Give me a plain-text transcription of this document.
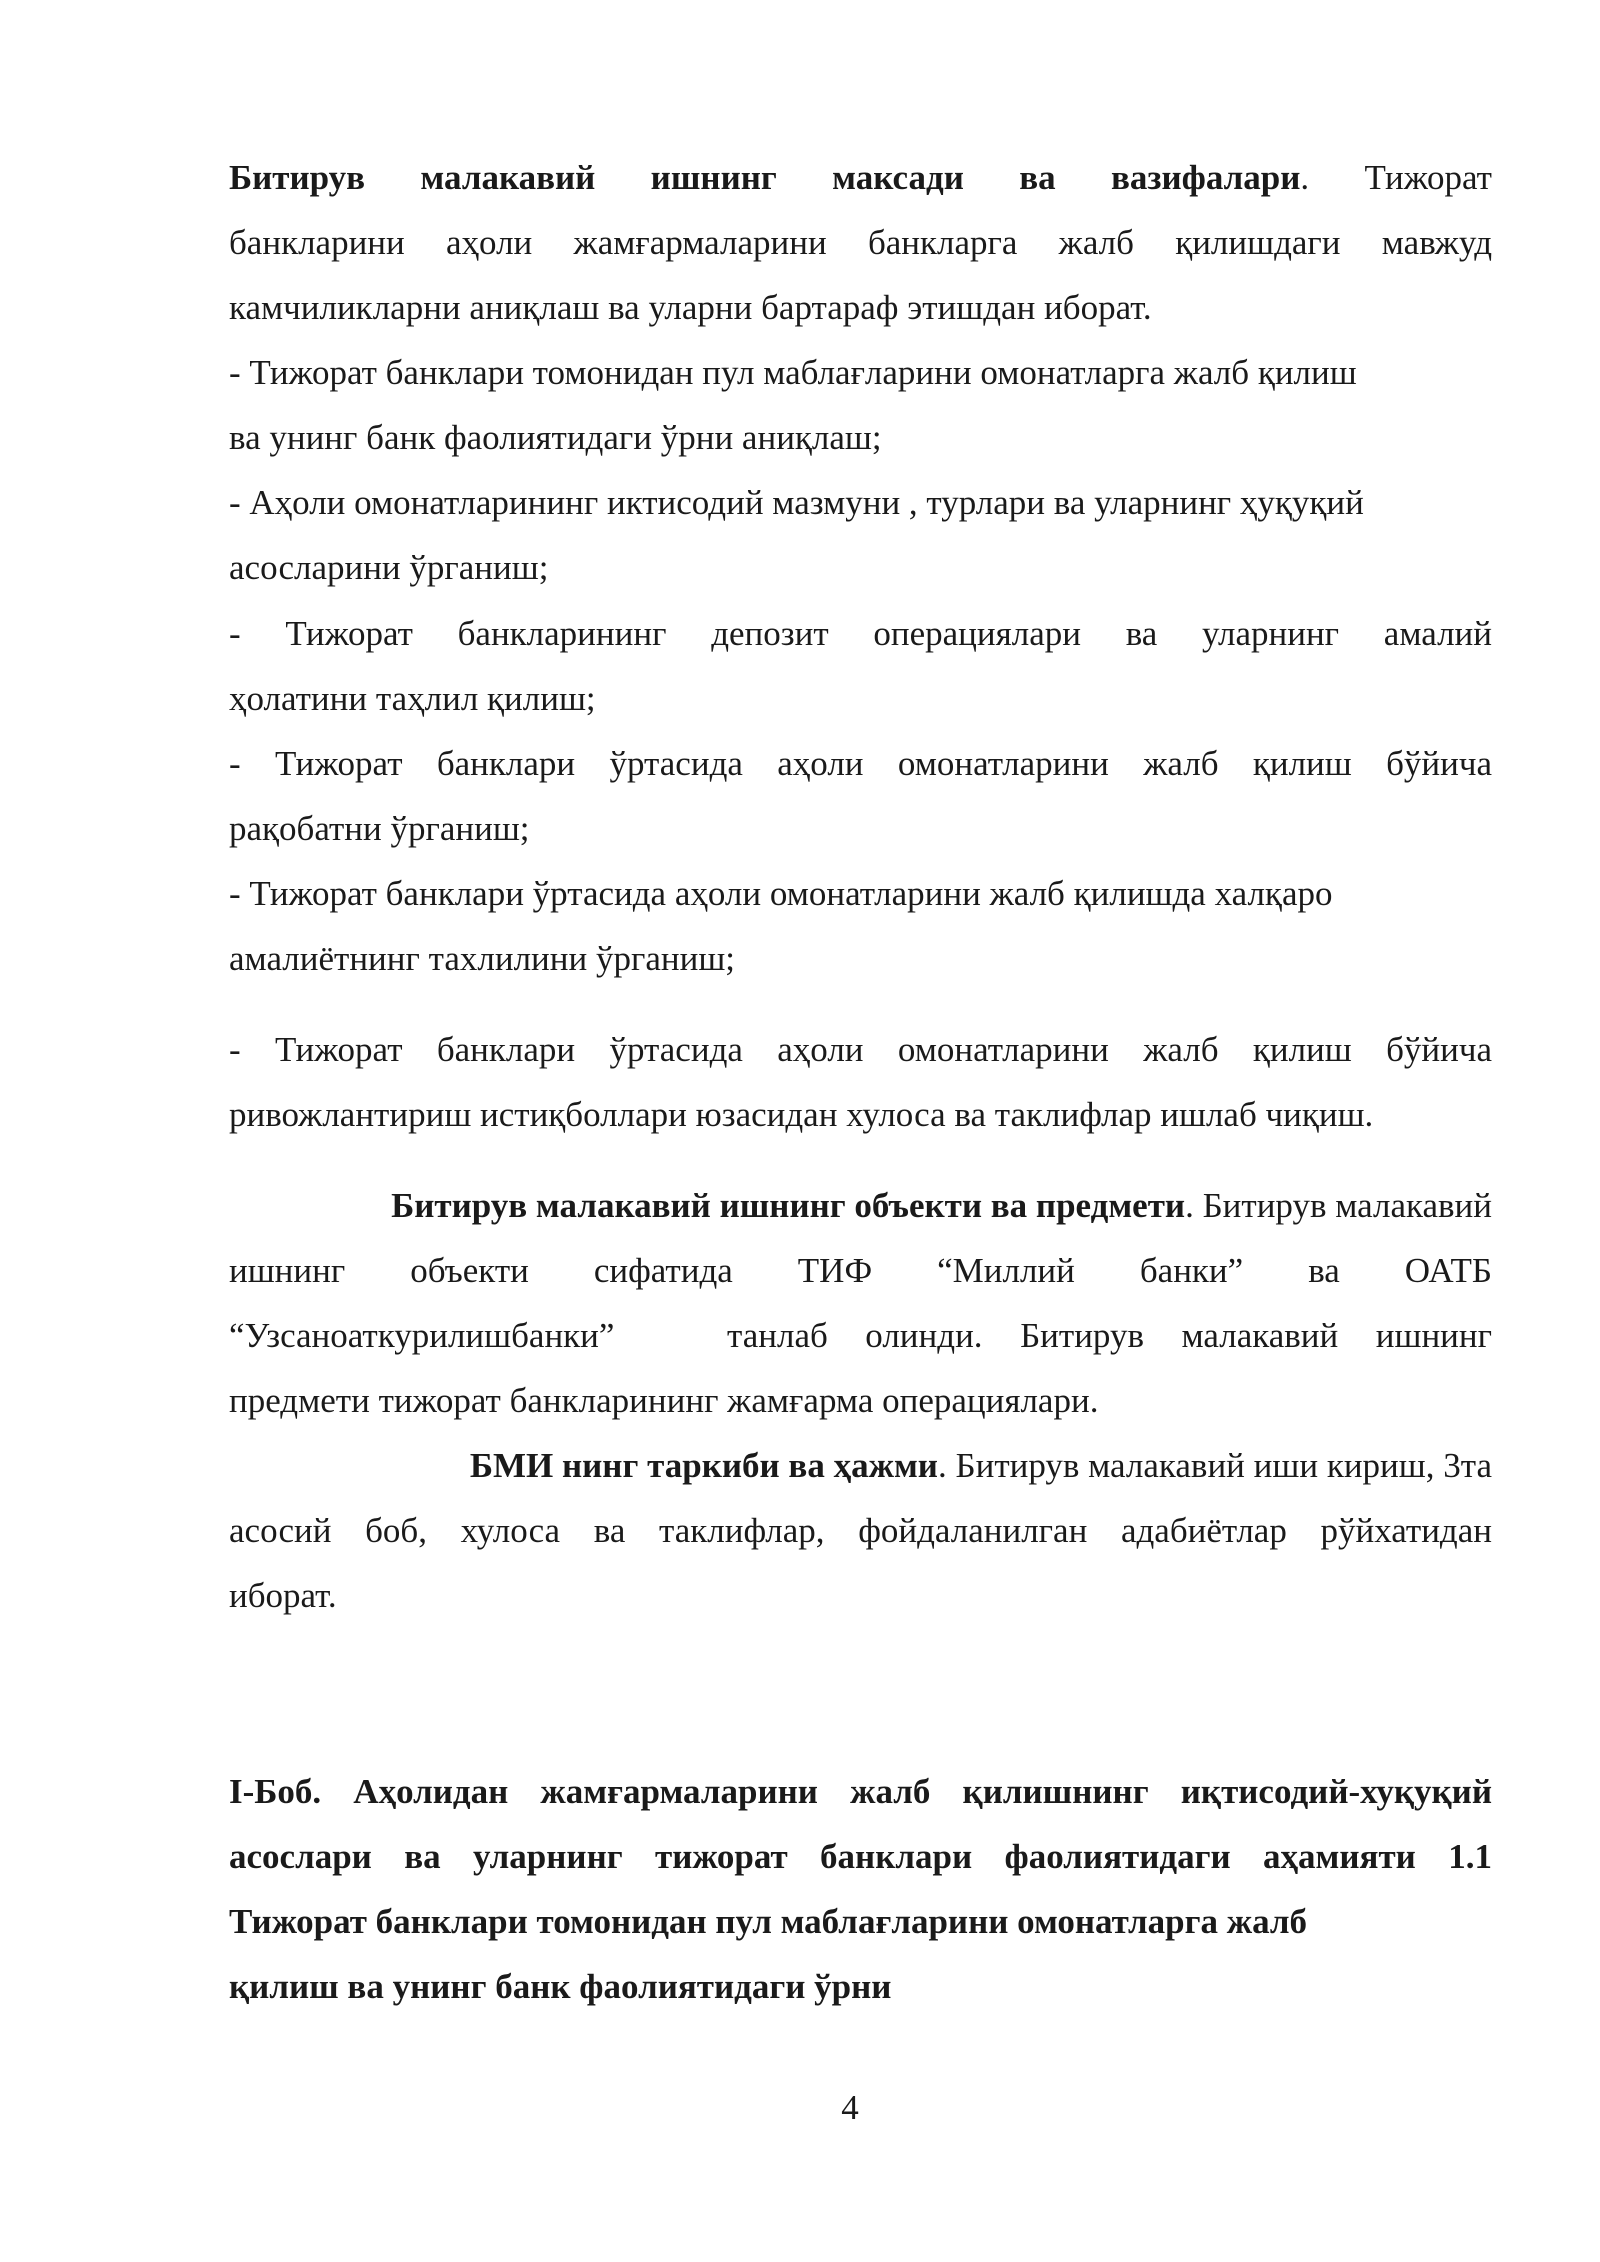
Битирув малакавий ишнинг максади ва вазифалари. Тижорат
банкларини аҳоли жамғармаларини банкларга жалб қилишдаги мавжуд
камчиликларни аниқлаш ва уларни бартараф этишдан иборат.
- Тижорат банклари томонидан пул маблағларини омонатларга жалб қилиш
ва унинг банк фаолиятидаги ўрни аниқлаш;
- Аҳоли омонатларининг иктисодий мазмуни , турлари ва уларнинг ҳуқуқий
асосларини ўрганиш;
- Тижорат банкларининг депозит операциялари ва уларнинг амалий
ҳолатини таҳлил қилиш;
- Тижорат банклари ўртасида аҳоли омонатларини жалб қилиш бўйича
рақобатни ўрганиш;
- Тижорат банклари ўртасида аҳоли омонатларини жалб қилишда халқаро
амалиётнинг тахлилини ўрганиш;
- Тижорат банклари ўртасида аҳоли омонатларини жалб қилиш бўйича
ривожлантириш истиқболлари юзасидан хулоса ва таклифлар ишлаб чиқиш.
Битирув малакавий ишнинг объекти ва предмети. Битирув малакавий
ишнинг объекти сифатида ТИФ “Миллий банки” ва ОАТБ
“Узсаноаткурилишбанки”   танлаб олинди. Битирув малакавий ишнинг
предмети тижорат банкларининг жамғарма операциялари.
БМИ нинг таркиби ва ҳажми. Битирув малакавий иши кириш, 3та
асосий боб, хулоса ва таклифлар, фойдаланилган адабиётлар рўйхатидан
иборат.
I-Боб. Аҳолидан жамғармаларини жалб қилишнинг иқтисодий-хуқуқий
асослари ва уларнинг тижорат банклари фаолиятидаги аҳамияти 1.1
Тижорат банклари томонидан пул маблағларини омонатларга жалб
қилиш ва унинг банк фаолиятидаги ўрни
4
